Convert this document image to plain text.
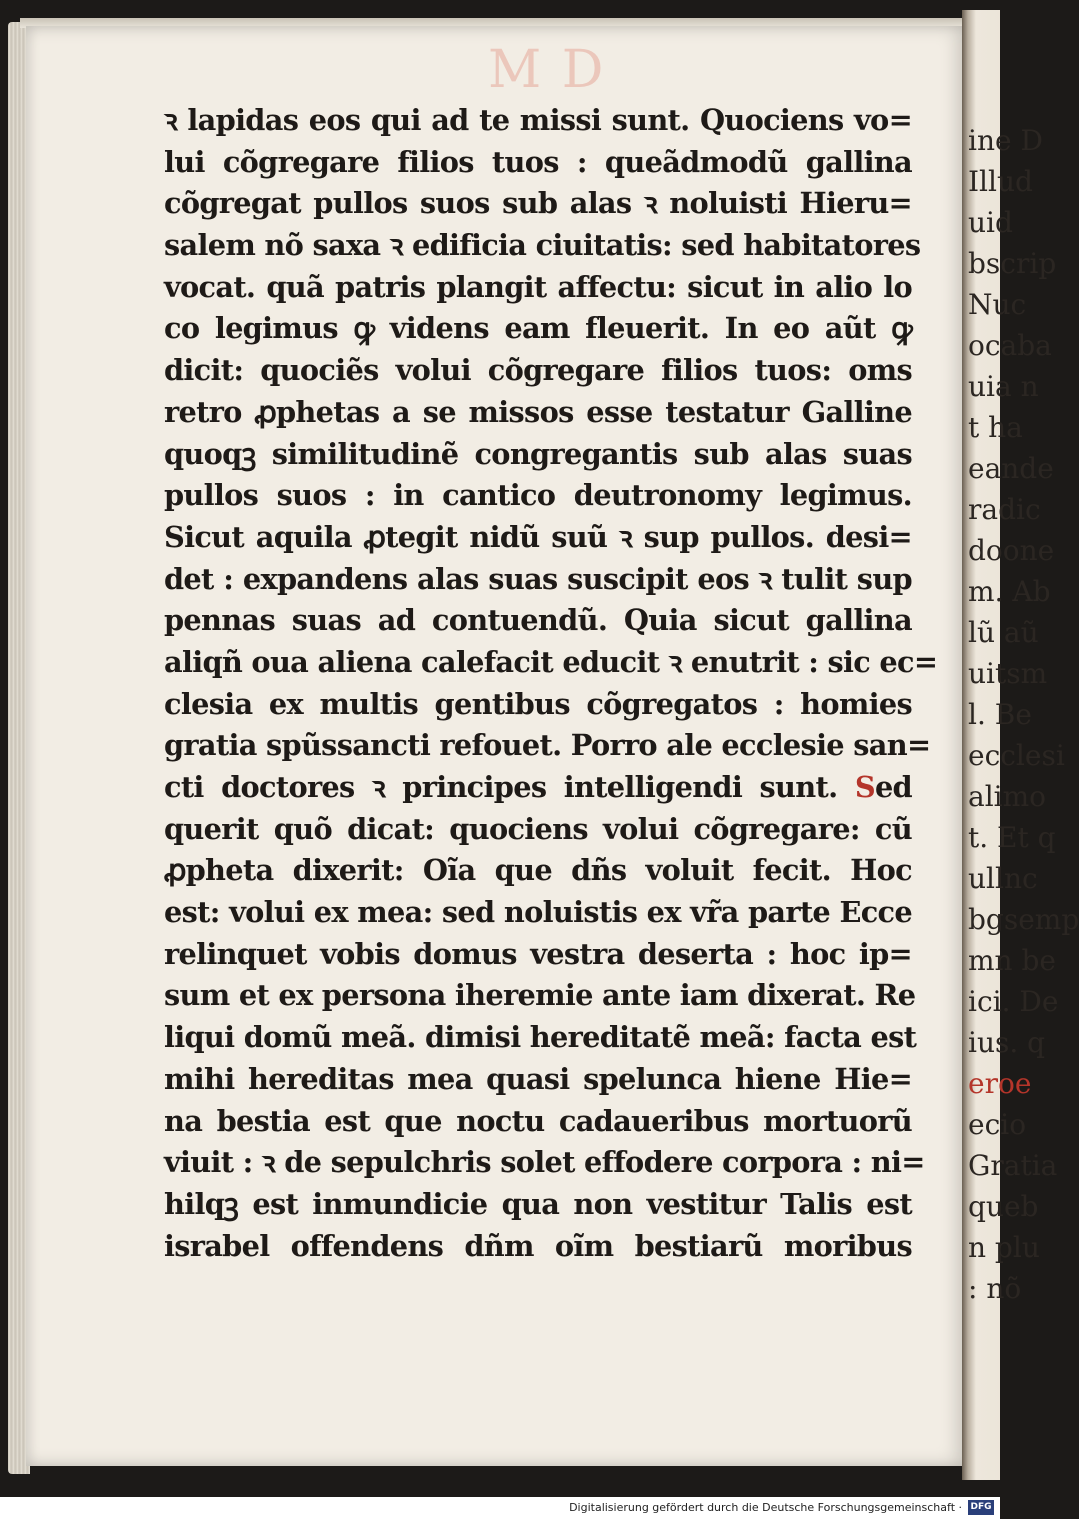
ine D
Illud
uid
bscrip
Nuc
ocaba
uia n
t ha
eande
radic
doone
m. Ab
lũ aũ
uitsm
l. Be
ecclesi
alimo
t. Et q
ullnc
bgsemp
mn be
ici. De
ius. q
eroe
ecio
Gratia
queb
n plu
: nõ
M D
ꝛ lapidas eos qui ad te missi sunt. Quociens vo=
lui cõgregare filios tuos : queãdmodũ gallina
cõgregat pullos suos sub alas ꝛ noluisti Hieru=
salem nõ saxa ꝛ edificia ciuitatis: sed habitatores
vocat. quã patris plangit affectu: sicut in alio lo
co legimus ꝙ videns eam fleuerit. In eo aũt ꝙ
dicit: quociẽs volui cõgregare filios tuos: oms
retro ꝓphetas a se missos esse testatur Galline
quoqꝫ similitudinẽ congregantis sub alas suas
pullos suos : in cantico deutronomy legimus.
Sicut aquila ꝓtegit nidũ suũ ꝛ sup pullos. desi=
det : expandens alas suas suscipit eos ꝛ tulit sup
pennas suas ad contuendũ. Quia sicut gallina
aliqñ oua aliena calefacit educit ꝛ enutrit : sic ec=
clesia ex multis gentibus cõgregatos : homies
gratia spũssancti refouet. Porro ale ecclesie san=
cti doctores ꝛ principes intelligendi sunt. Sed
querit quõ dicat: quociens volui cõgregare: cũ
ꝓpheta dixerit: Oĩa que dñs voluit fecit. Hoc
est: volui ex mea: sed noluistis ex vr̃a parte Ecce
relinquet vobis domus vestra deserta : hoc ip=
sum et ex persona iheremie ante iam dixerat. Re
liqui domũ meã. dimisi hereditatẽ meã: facta est
mihi hereditas mea quasi spelunca hiene Hie=
na bestia est que noctu cadaueribus mortuorũ
viuit : ꝛ de sepulchris solet effodere corpora : ni=
hilqꝫ est inmundicie qua non vestitur Talis est
israbel offendens dñm oĩm bestiarũ moribus
Digitalisierung gefördert durch die Deutsche Forschungsgemeinschaft · DFG
